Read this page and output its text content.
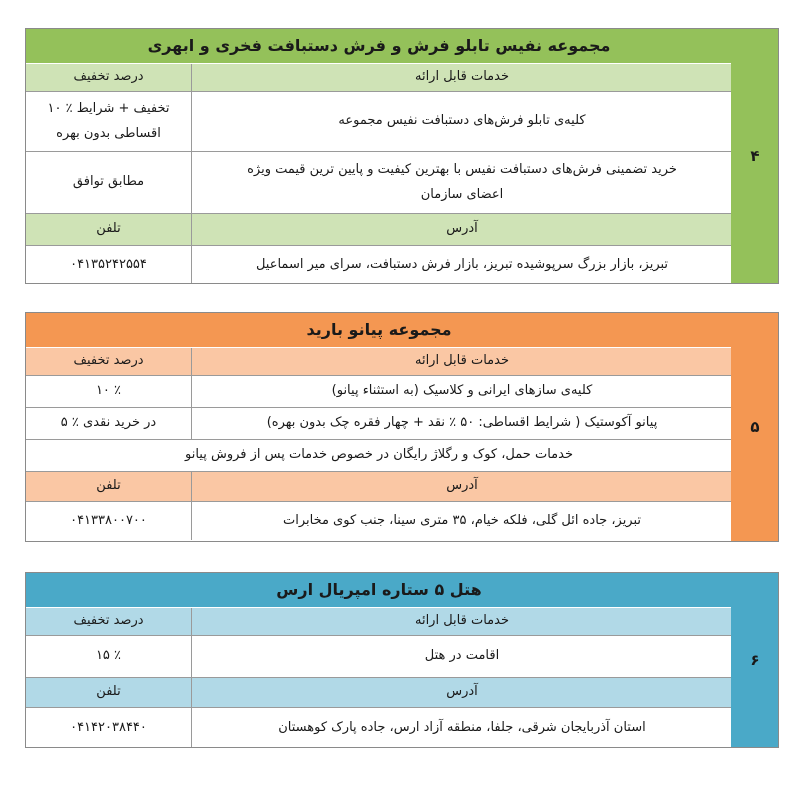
مجموعه نفیس تابلو فرش و فرش دستبافت فخری و ابهری
خدمات قابل ارائه
درصد تخفیف
کلیه‌ی تابلو فرش‌های دستبافت نفیس مجموعه
۱۰ ٪ تخفیف + شرایط اقساطی بدون بهره
خرید تضمینی فرش‌های دستبافت نفیس با بهترین کیفیت و پایین ترین قیمت ویژه اعضای سازمان
مطابق توافق
آدرس
تلفن
تبریز، بازار بزرگ سرپوشیده تبریز، بازار فرش دستبافت، سرای میر اسماعیل
۰۴۱۳۵۲۴۲۵۵۴
۴
مجموعه پیانو بارید
خدمات قابل ارائه
درصد تخفیف
کلیه‌ی سازهای ایرانی و کلاسیک (به استثناء پیانو)
۱۰ ٪
پیانو آکوستیک ( شرایط اقساطی: ۵۰ ٪ نقد + چهار فقره چک بدون بهره)
۵ ٪ در خرید نقدی
خدمات حمل، کوک و رگلاژ رایگان در خصوص خدمات پس از فروش پیانو
آدرس
تلفن
تبریز، جاده ائل گلی، فلکه خیام، ۳۵ متری سینا، جنب کوی مخابرات
۰۴۱۳۳۸۰۰۷۰۰
۵
هتل ۵ ستاره امپریال ارس
خدمات قابل ارائه
درصد تخفیف
اقامت در هتل
۱۵ ٪
آدرس
تلفن
استان آذربایجان شرقی، جلفا، منطقه آزاد ارس، جاده پارک کوهستان
۰۴۱۴۲۰۳۸۴۴۰
۶
